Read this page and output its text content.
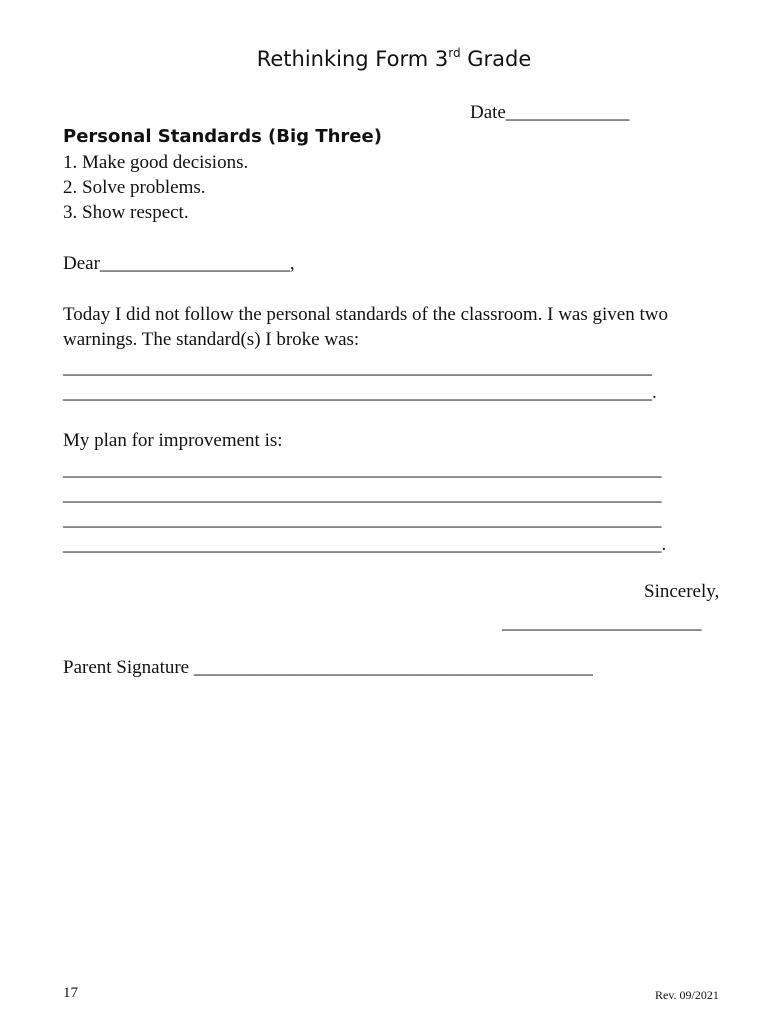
Rethinking Form 3rd Grade
Date_____________
Personal Standards (Big Three)
1. Make good decisions.
2. Solve problems.
3. Show respect.
Dear____________________,
Today I did not follow the personal standards of the classroom. I was given two
warnings. The standard(s) I broke was:
______________________________________________________________
______________________________________________________________.
My plan for improvement is:
_______________________________________________________________
_______________________________________________________________
_______________________________________________________________
_______________________________________________________________.
Sincerely,
_____________________
Parent Signature __________________________________________
17	Rev. 09/2021
